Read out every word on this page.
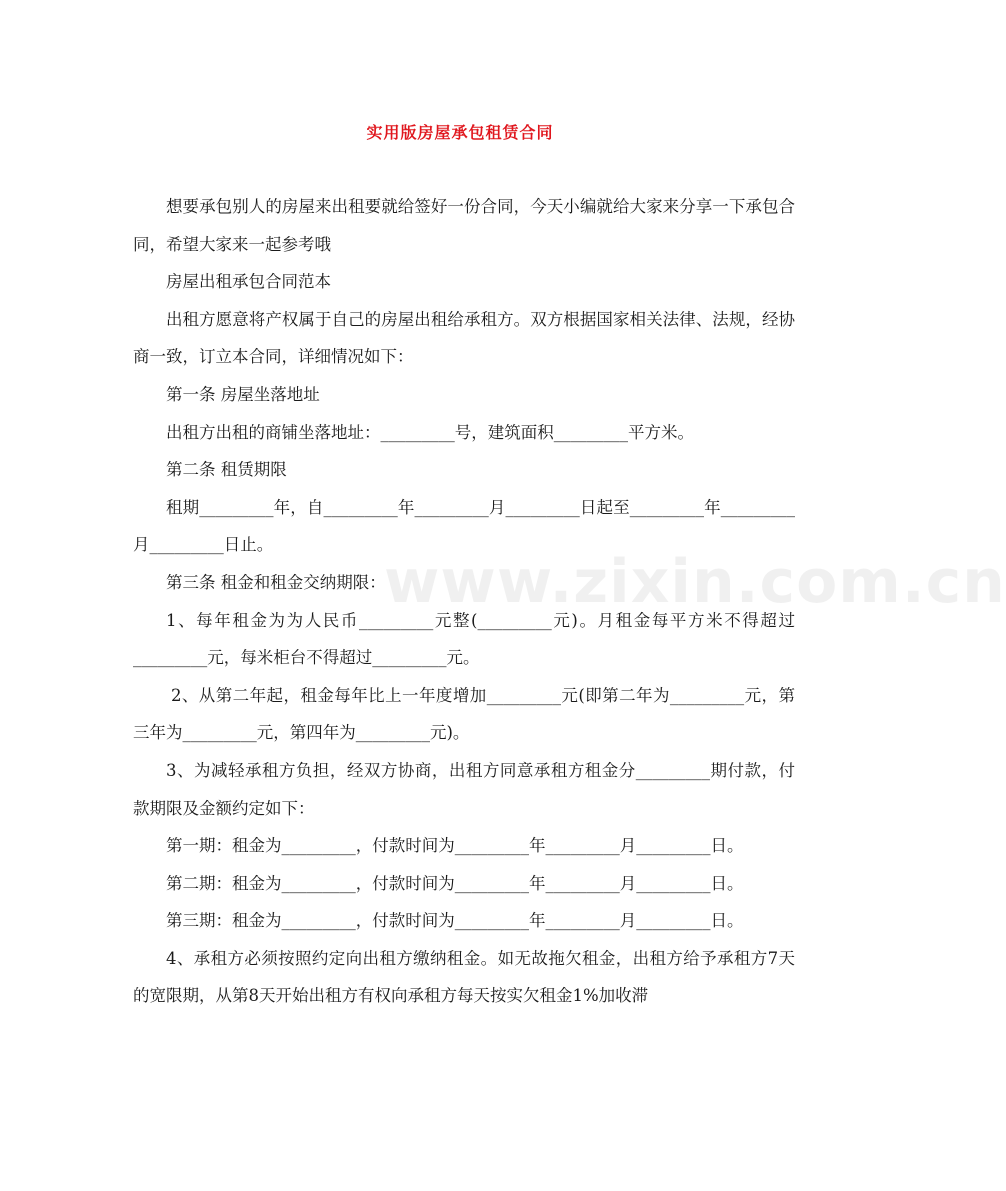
实用版房屋承包租赁合同
www.zixin.com.cn

想要承包别人的房屋来出租要就给签好一份合同，今天小编就给大家来分享一下承包合同，希望大家来一起参考哦

房屋出租承包合同范本

出租方愿意将产权属于自己的房屋出租给承租方。双方根据国家相关法律、法规，经协商一致，订立本合同，详细情况如下：

第一条 房屋坐落地址

出租方出租的商铺坐落地址：_________号，建筑面积_________平方米。

第二条 租赁期限

租期_________年，自_________年_________月_________日起至_________年_________月_________日止。

第三条 租金和租金交纳期限：

1、每年租金为为人民币_________元整(_________元)。月租金每平方米不得超过_________元，每米柜台不得超过_________元。

2、从第二年起，租金每年比上一年度增加_________元(即第二年为_________元，第三年为_________元，第四年为_________元)。

3、为减轻承租方负担，经双方协商，出租方同意承租方租金分_________期付款，付款期限及金额约定如下：

第一期：租金为_________，付款时间为_________年_________月_________日。

第二期：租金为_________，付款时间为_________年_________月_________日。

第三期：租金为_________，付款时间为_________年_________月_________日。

4、承租方必须按照约定向出租方缴纳租金。如无故拖欠租金，出租方给予承租方7天的宽限期，从第8天开始出租方有权向承租方每天按实欠租金1%加收滞
